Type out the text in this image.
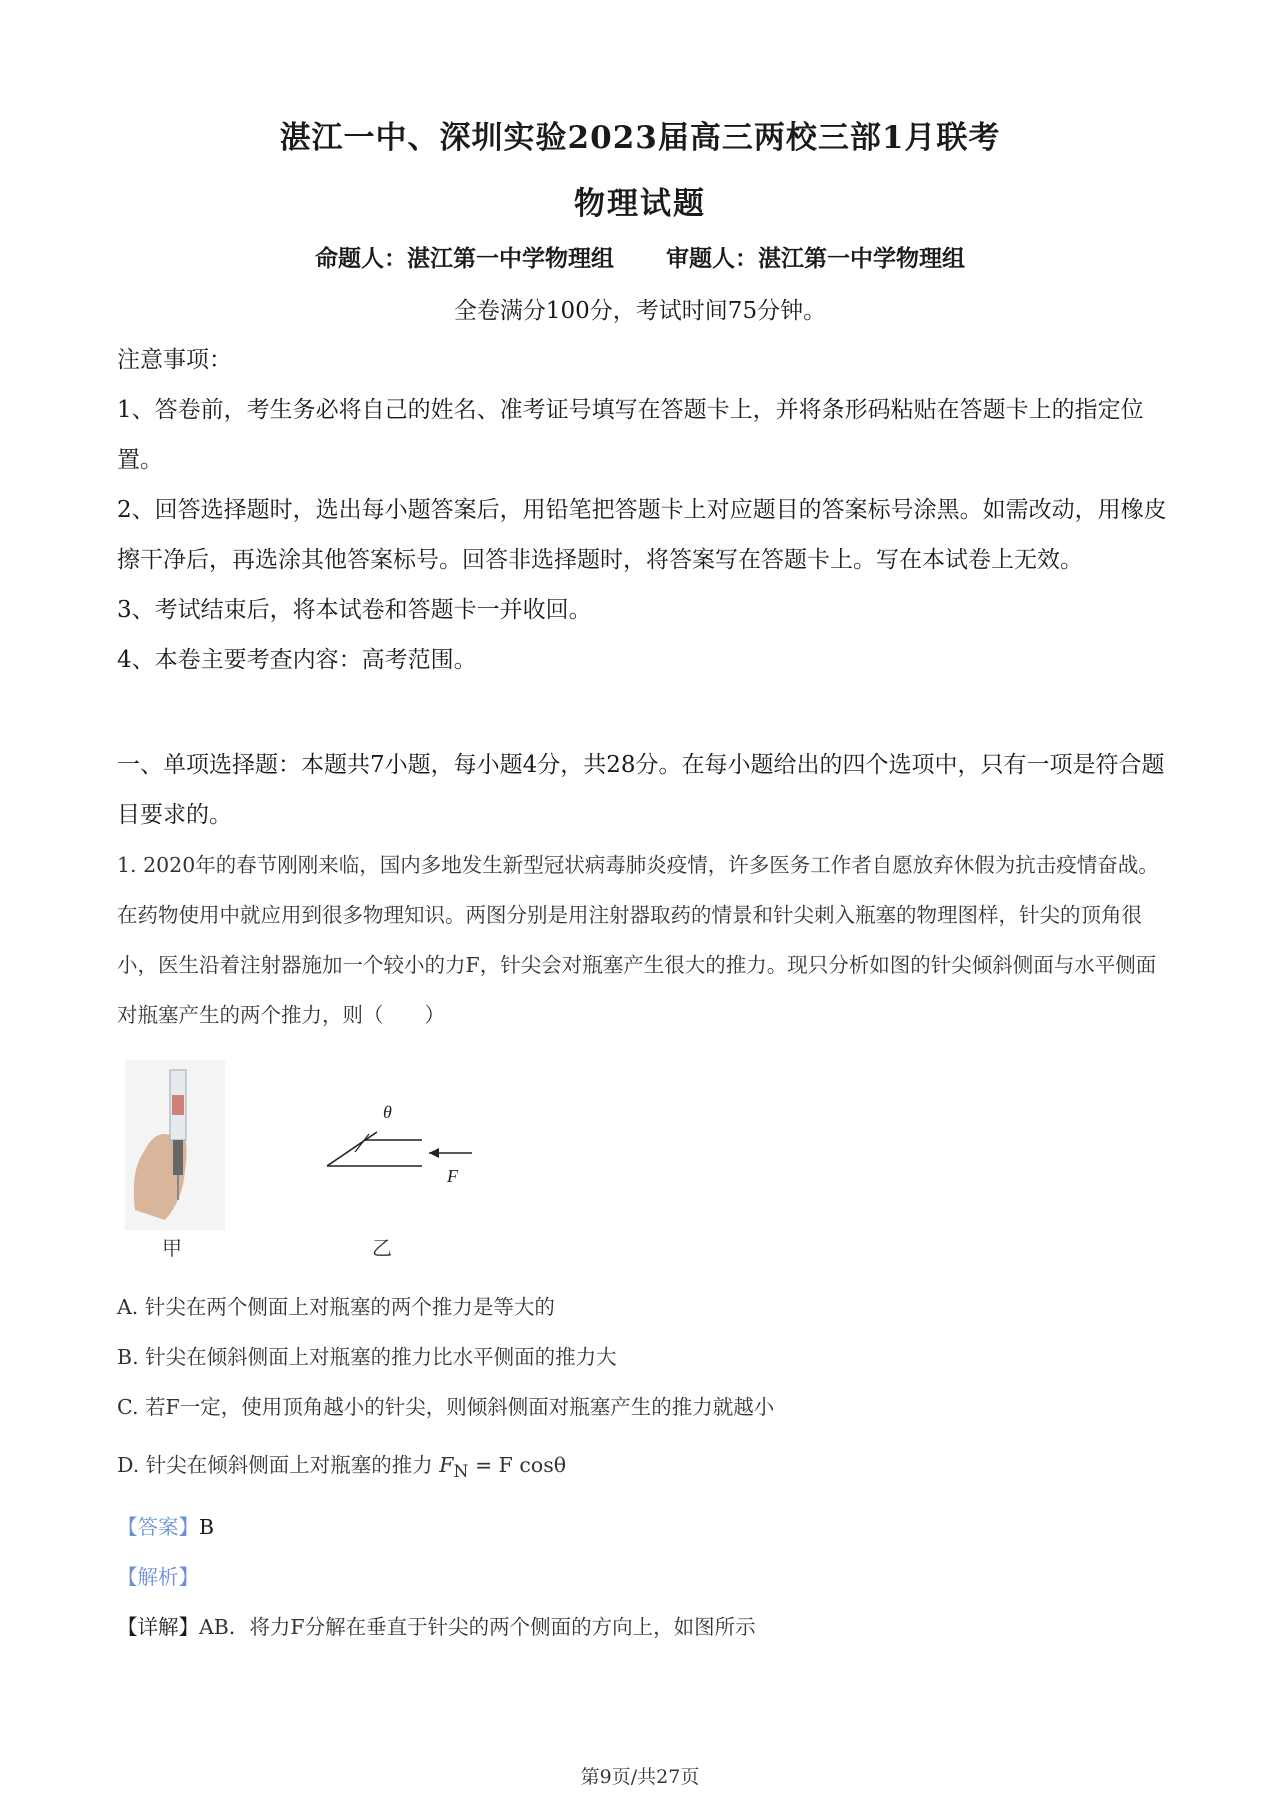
湛江一中、深圳实验2023届高三两校三部1月联考
物理试题
命题人：湛江第一中学物理组 审题人：湛江第一中学物理组
全卷满分100分，考试时间75分钟。
注意事项：

1、答卷前，考生务必将自己的姓名、准考证号填写在答题卡上，并将条形码粘贴在答题卡上的指定位置。

2、回答选择题时，选出每小题答案后，用铅笔把答题卡上对应题目的答案标号涂黑。如需改动，用橡皮擦干净后，再选涂其他答案标号。回答非选择题时，将答案写在答题卡上。写在本试卷上无效。

3、考试结束后，将本试卷和答题卡一并收回。

4、本卷主要考查内容：高考范围。

一、单项选择题：本题共7小题，每小题4分，共28分。在每小题给出的四个选项中，只有一项是符合题目要求的。
1. 2020年的春节刚刚来临，国内多地发生新型冠状病毒肺炎疫情，许多医务工作者自愿放弃休假为抗击疫情奋战。在药物使用中就应用到很多物理知识。两图分别是用注射器取药的情景和针尖刺入瓶塞的物理图样，针尖的顶角很小，医生沿着注射器施加一个较小的力F，针尖会对瓶塞产生很大的推力。现只分析如图的针尖倾斜侧面与水平侧面对瓶塞产生的两个推力，则（　　）
甲
θ
F
乙
A. 针尖在两个侧面上对瓶塞的两个推力是等大的
B. 针尖在倾斜侧面上对瓶塞的推力比水平侧面的推力大
C. 若F一定，使用顶角越小的针尖，则倾斜侧面对瓶塞产生的推力就越小
D. 针尖在倾斜侧面上对瓶塞的推力 $F_N = F$ cosθ
【答案】B
【解析】
【详解】AB．将力F分解在垂直于针尖的两个侧面的方向上，如图所示
第9页/共27页
